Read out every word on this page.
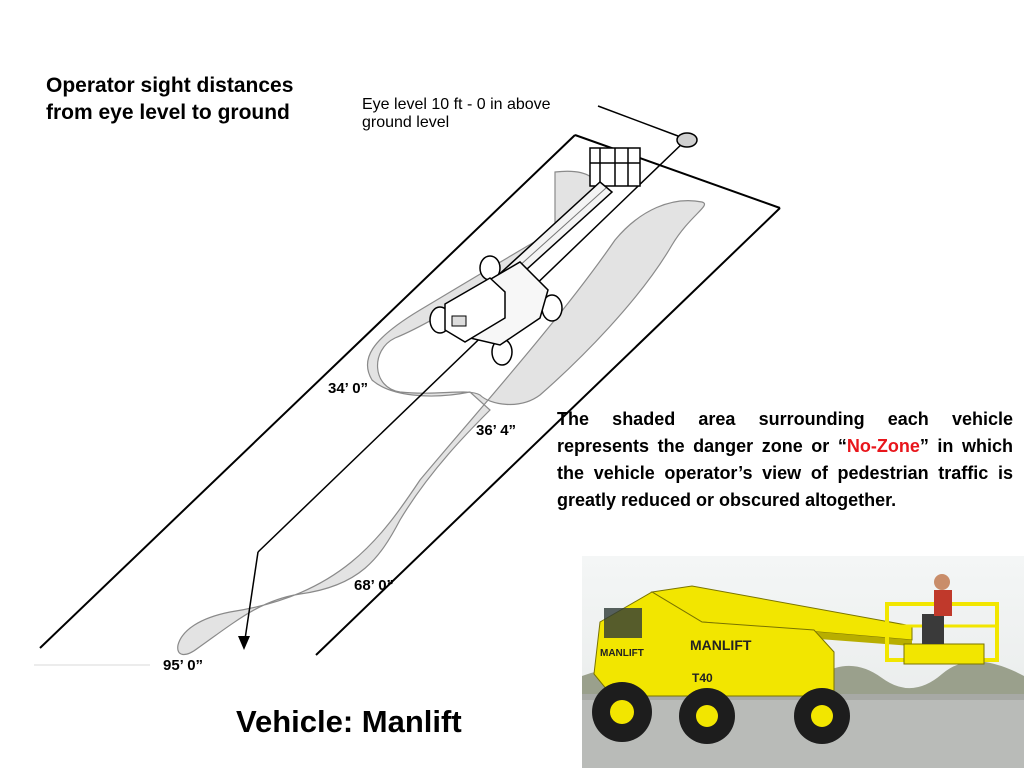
Operator sight distances
from eye level to ground	Eye level 10 ft - 0 in above
ground level
34’ 0”
36’ 4”
68’ 0”
95’ 0”
The shaded area surrounding each vehicle represents the danger zone or “No-Zone” in which the vehicle operator’s view of pedestrian traffic is greatly reduced or obscured altogether.
MANLIFT
MANLIFT
T40
Vehicle: Manlift
